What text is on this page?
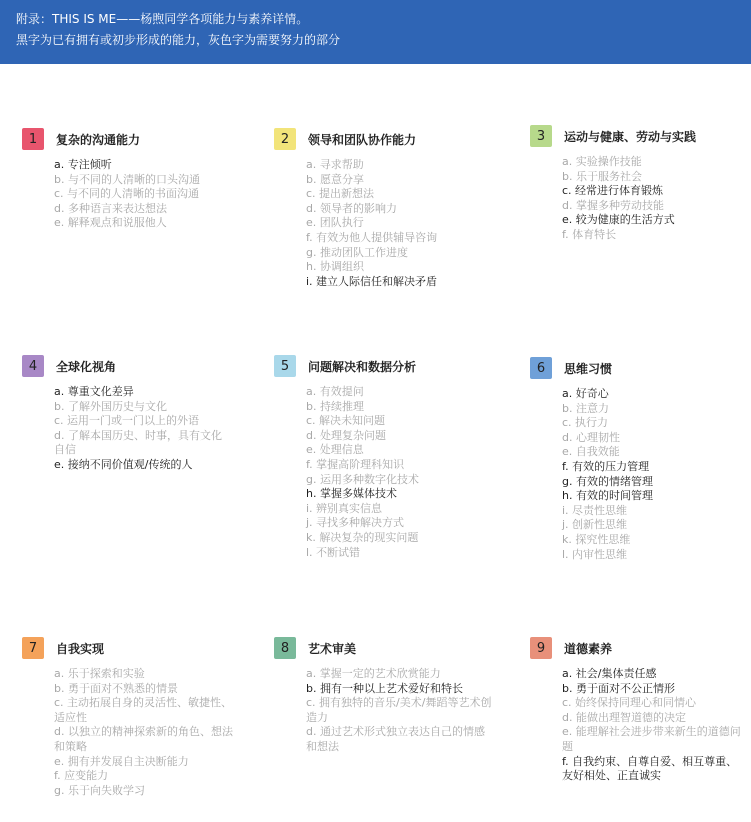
附录：THIS IS ME——杨煦同学各项能力与素养详情。
黑字为已有拥有或初步形成的能力，灰色字为需要努力的部分
1	复杂的沟通能力
a. 专注倾听
b. 与不同的人清晰的口头沟通
c. 与不同的人清晰的书面沟通
d. 多种语言来表达想法
e. 解释观点和说服他人
2	领导和团队协作能力
a. 寻求帮助
b. 愿意分享
c. 提出新想法
d. 领导者的影响力
e. 团队执行
f. 有效为他人提供辅导咨询
g. 推动团队工作进度
h. 协调组织
i. 建立人际信任和解决矛盾
3	运动与健康、劳动与实践
a. 实验操作技能
b. 乐于服务社会
c. 经常进行体育锻炼
d. 掌握多种劳动技能
e. 较为健康的生活方式
f. 体育特长
4	全球化视角
a. 尊重文化差异
b. 了解外国历史与文化
c. 运用一门或一门以上的外语
d. 了解本国历史、时事，具有文化自信
e. 接纳不同价值观/传统的人
5	问题解决和数据分析
a. 有效提问
b. 持续推理
c. 解决未知问题
d. 处理复杂问题
e. 处理信息
f. 掌握高阶理科知识
g. 运用多种数字化技术
h. 掌握多媒体技术
i. 辨别真实信息
j. 寻找多种解决方式
k. 解决复杂的现实问题
l. 不断试错
6	思维习惯
a. 好奇心
b. 注意力
c. 执行力
d. 心理韧性
e. 自我效能
f. 有效的压力管理
g. 有效的情绪管理
h. 有效的时间管理
i. 尽责性思维
j. 创新性思维
k. 探究性思维
l. 内审性思维
7	自我实现
a. 乐于探索和实验
b. 勇于面对不熟悉的情景
c. 主动拓展自身的灵活性、敏捷性、适应性
d. 以独立的精神探索新的角色、想法和策略
e. 拥有并发展自主决断能力
f. 应变能力
g. 乐于向失败学习
8	艺术审美
a. 掌握一定的艺术欣赏能力
b. 拥有一种以上艺术爱好和特长
c. 拥有独特的音乐/美术/舞蹈等艺术创造力
d. 通过艺术形式独立表达自己的情感和想法
9	道德素养
a. 社会/集体责任感
b. 勇于面对不公正情形
c. 始终保持同理心和同情心
d. 能做出理智道德的决定
e. 能理解社会进步带来新生的道德问题
f. 自我约束、自尊自爱、相互尊重、友好相处、正直诚实
